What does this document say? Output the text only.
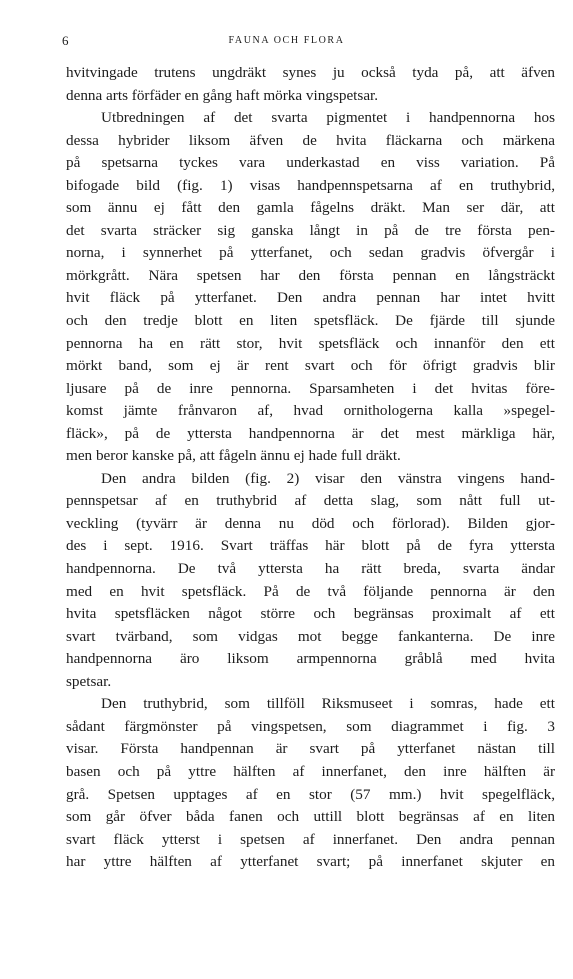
6	FAUNA OCH FLORA
hvitvingade trutens ungdräkt synes ju också tyda på, att äfven
denna arts förfäder en gång haft mörka vingspetsar.
Utbredningen af det svarta pigmentet i handpennorna hos
dessa hybrider liksom äfven de hvita fläckarna och märkena
på spetsarna tyckes vara underkastad en viss variation. På
bifogade bild (fig. 1) visas handpennspetsarna af en truthybrid,
som ännu ej fått den gamla fågelns dräkt. Man ser där, att
det svarta sträcker sig ganska långt in på de tre första pen-
norna, i synnerhet på ytterfanet, och sedan gradvis öfvergår i
mörkgrått. Nära spetsen har den första pennan en långsträckt
hvit fläck på ytterfanet. Den andra pennan har intet hvitt
och den tredje blott en liten spetsfläck. De fjärde till sjunde
pennorna ha en rätt stor, hvit spetsfläck och innanför den ett
mörkt band, som ej är rent svart och för öfrigt gradvis blir
ljusare på de inre pennorna. Sparsamheten i det hvitas före-
komst jämte frånvaron af, hvad ornithologerna kalla »spegel-
fläck», på de yttersta handpennorna är det mest märkliga här,
men beror kanske på, att fågeln ännu ej hade full dräkt.
Den andra bilden (fig. 2) visar den vänstra vingens hand-
pennspetsar af en truthybrid af detta slag, som nått full ut-
veckling (tyvärr är denna nu död och förlorad). Bilden gjor-
des i sept. 1916. Svart träffas här blott på de fyra yttersta
handpennorna. De två yttersta ha rätt breda, svarta ändar
med en hvit spetsfläck. På de två följande pennorna är den
hvita spetsfläcken något större och begränsas proximalt af ett
svart tvärband, som vidgas mot begge fankanterna. De inre
handpennorna äro liksom armpennorna gråblå med hvita
spetsar.
Den truthybrid, som tillföll Riksmuseet i somras, hade ett
sådant färgmönster på vingspetsen, som diagrammet i fig. 3
visar. Första handpennan är svart på ytterfanet nästan till
basen och på yttre hälften af innerfanet, den inre hälften är
grå. Spetsen upptages af en stor (57 mm.) hvit spegelfläck,
som går öfver båda fanen och uttill blott begränsas af en liten
svart fläck ytterst i spetsen af innerfanet. Den andra pennan
har yttre hälften af ytterfanet svart; på innerfanet skjuter en
